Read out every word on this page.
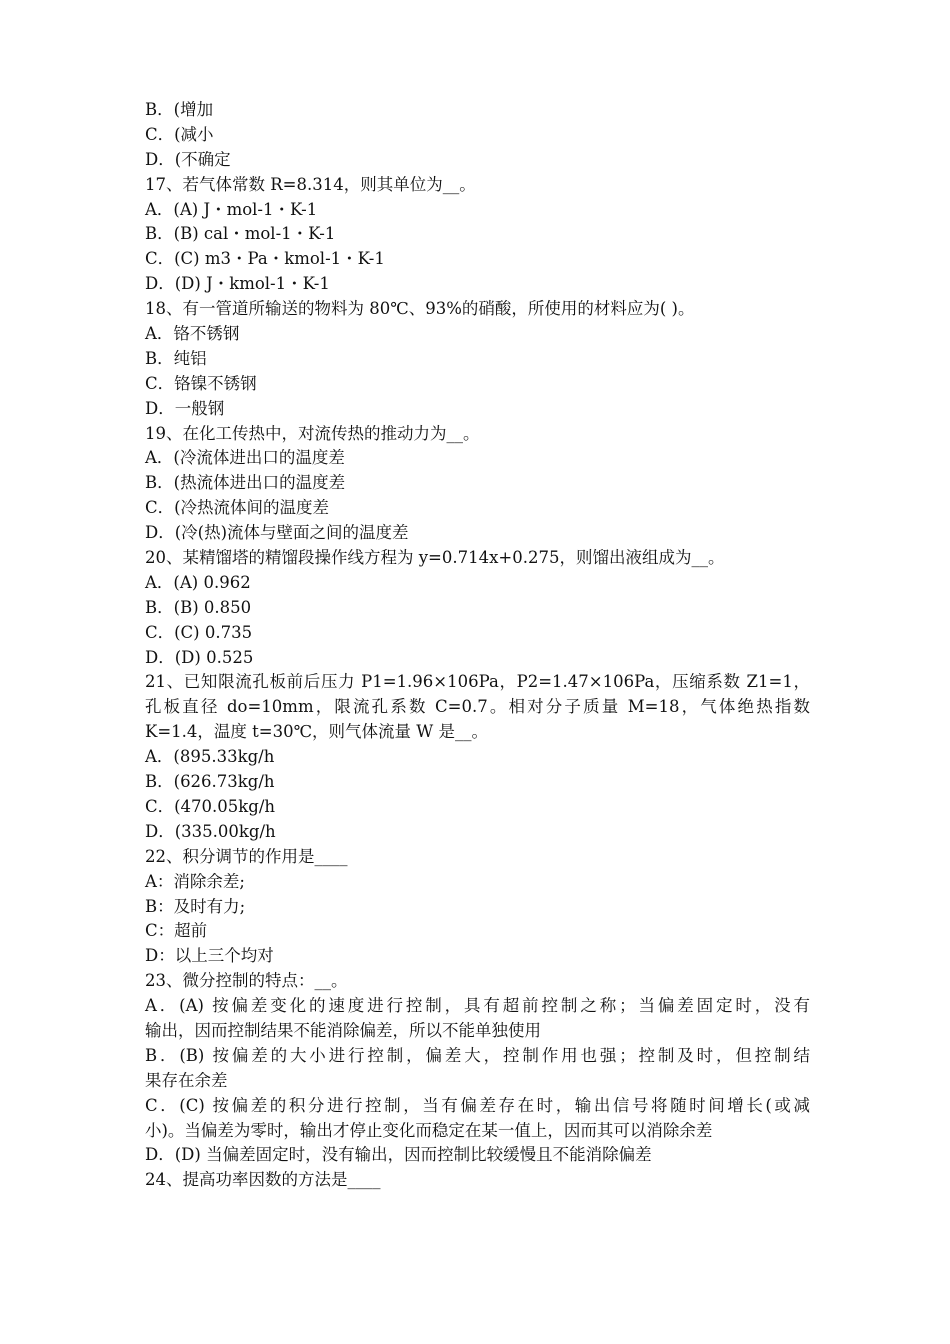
B．(增加
C．(减小
D．(不确定
17、若气体常数 R=8.314，则其单位为__。
A．(A) J・mol-1・K-1
B．(B) cal・mol-1・K-1
C．(C) m3・Pa・kmol-1・K-1
D．(D) J・kmol-1・K-1
18、有一管道所输送的物料为 80℃、93%的硝酸，所使用的材料应为( )。
A．铬不锈钢
B．纯铝
C．铬镍不锈钢
D．一般钢
19、在化工传热中，对流传热的推动力为__。
A．(冷流体进出口的温度差
B．(热流体进出口的温度差
C．(冷热流体间的温度差
D．(冷(热)流体与壁面之间的温度差
20、某精馏塔的精馏段操作线方程为 y=0.714x+0.275，则馏出液组成为__。
A．(A) 0.962
B．(B) 0.850
C．(C) 0.735
D．(D) 0.525
21、已知限流孔板前后压力 P1=1.96×106Pa，P2=1.47×106Pa，压缩系数 Z1=1，
孔板直径 do=10mm，限流孔系数 C=0.7。相对分子质量 M=18，气体绝热指数
K=1.4，温度 t=30℃，则气体流量 W 是__。
A．(895.33kg/h
B．(626.73kg/h
C．(470.05kg/h
D．(335.00kg/h
22、积分调节的作用是____
A：消除余差;
B：及时有力;
C：超前
D：以上三个均对
23、微分控制的特点：__。
A．(A) 按偏差变化的速度进行控制，具有超前控制之称；当偏差固定时，没有
输出，因而控制结果不能消除偏差，所以不能单独使用
B．(B) 按偏差的大小进行控制，偏差大，控制作用也强；控制及时，但控制结
果存在余差
C．(C) 按偏差的积分进行控制，当有偏差存在时，输出信号将随时间增长(或减
小)。当偏差为零时，输出才停止变化而稳定在某一值上，因而其可以消除余差
D．(D) 当偏差固定时，没有输出，因而控制比较缓慢且不能消除偏差
24、提高功率因数的方法是____
